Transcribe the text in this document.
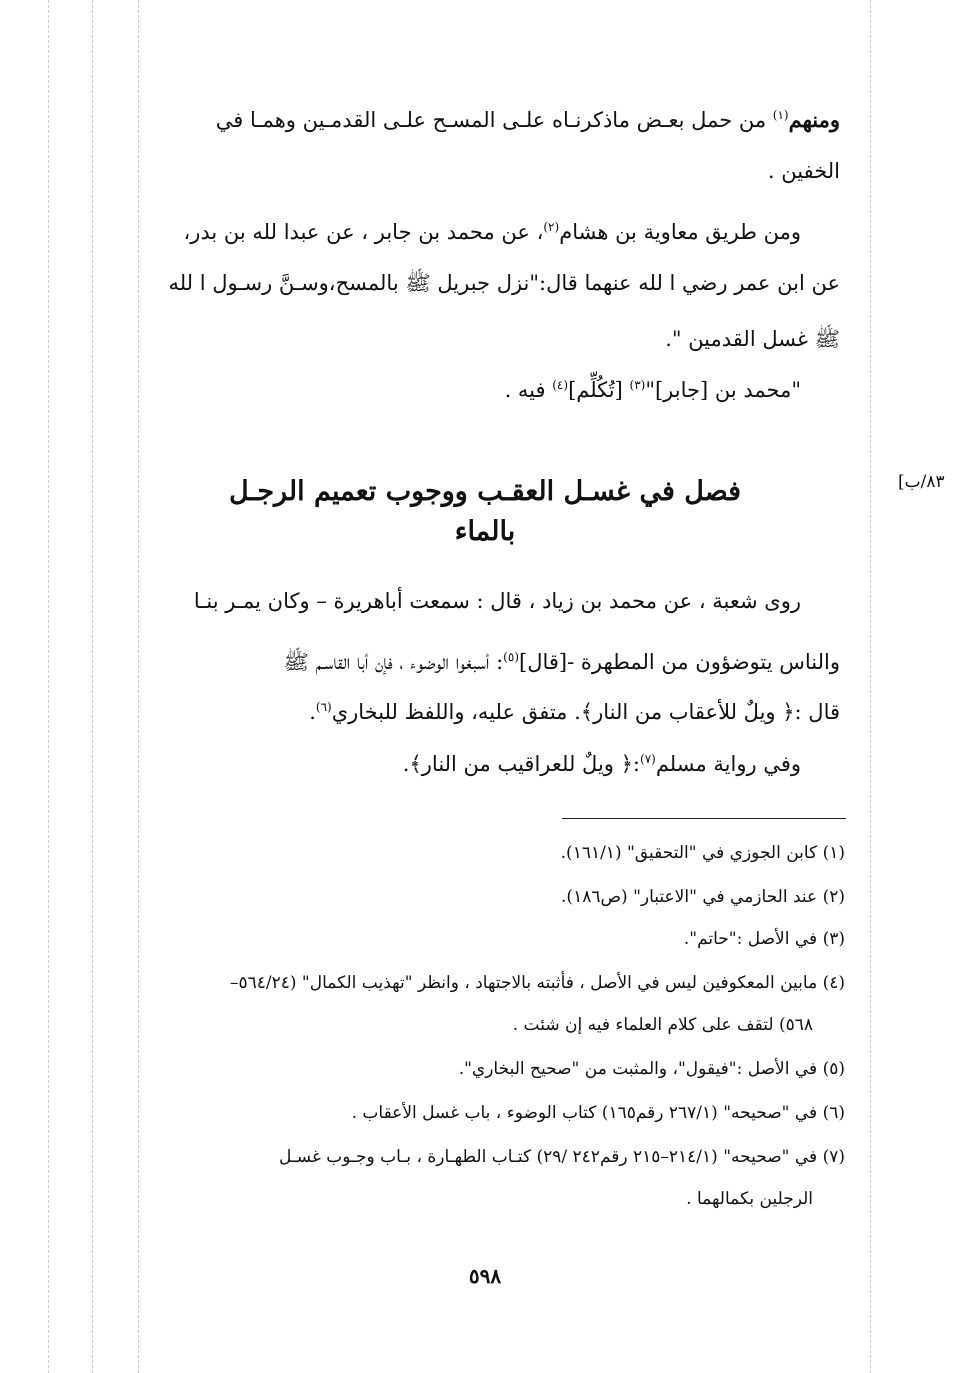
ومنهم$^{(١)}$ من حمل بعـض ماذكرنـاه علـى المسـح علـى القدمـين وهمـا في
الخفين .
ومن طريق معاوية بن هشام$^{(٢)}$، عن محمد بن جابر ، عن عبدا لله بن بدر،
عن ابن عمر رضي ا لله عنهما قال:"نزل جبريل ﷺ بالمسح،وسـنَّ رسـول ا لله
ﷺ غسل القدمين ".
"محمد بن [جابر]"$^{(٣)}$ [تُكُلِّم]$^{(٤)}$ فيه .
فصل في غسـل العقـب ووجوب تعميم الرجـل بالماء
٨٣/ب]
روى شعبة ، عن محمد بن زياد ، قال : سمعت أباهريرة – وكان يمـر بنـا
والناس يتوضؤون من المطهرة -[قال]$^{(٥)}$: أسبغوا الوضوء ، فإن أبا القاسـم ﷺ
قال :﴿ ويلٌ للأعقاب من النار﴾. متفق عليه، واللفظ للبخاري$^{(٦)}$.
وفي رواية مسلم$^{(٧)}$:﴿ ويلٌ للعراقيب من النار﴾.
(١) كابن الجوزي في "التحقيق" (١٦١/١).
(٢) عند الحازمي في "الاعتبار" (ص١٨٦).
(٣) في الأصل :"حاتم".
(٤) مابين المعكوفين ليس في الأصل ، فأثبته بالاجتهاد ، وانظر "تهذيب الكمال" (٥٦٤/٢٤–
٥٦٨) لتقف على كلام العلماء فيه إن شئت .
(٥) في الأصل :"فيقول"، والمثبت من "صحيح البخاري".
(٦) في "صحيحه" (٢٦٧/١ رقم١٦٥) كتاب الوضوء ، باب غسل الأعقاب .
(٧) في "صحيحه" (٢١٤/١–٢١٥ رقم٢٤٢ /٢٩) كتـاب الطهـارة ، بـاب وجـوب غسـل
الرجلين بكمالهما .
٥٩٨
